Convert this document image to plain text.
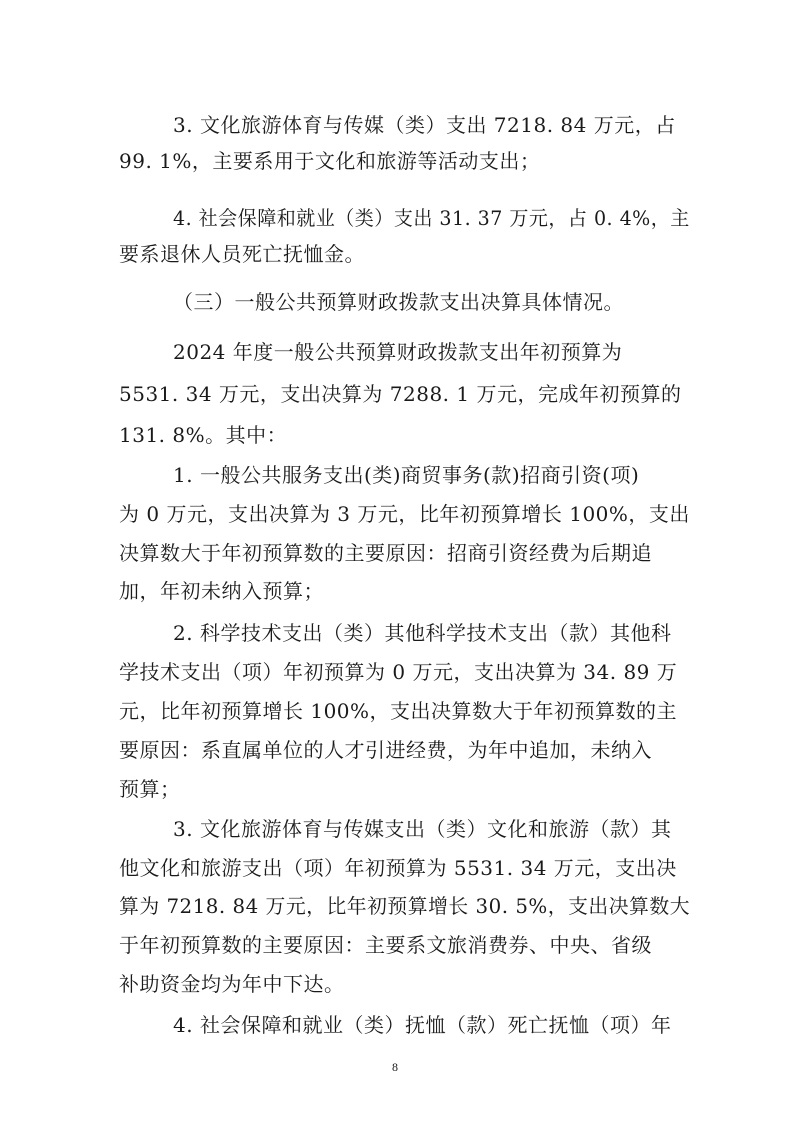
3. 文化旅游体育与传媒（类）支出 7218. 84 万元，占
99. 1%，主要系用于文化和旅游等活动支出；
4. 社会保障和就业（类）支出 31. 37 万元，占 0. 4%，主
要系退休人员死亡抚恤金。
（三）一般公共预算财政拨款支出决算具体情况。
2024 年度一般公共预算财政拨款支出年初预算为
5531. 34 万元，支出决算为 7288. 1 万元，完成年初预算的
131. 8%。其中：
1. 一般公共服务支出(类)商贸事务(款)招商引资(项)
为 0 万元，支出决算为 3 万元，比年初预算增长 100%，支出
决算数大于年初预算数的主要原因：招商引资经费为后期追
加，年初未纳入预算；
2. 科学技术支出（类）其他科学技术支出（款）其他科
学技术支出（项）年初预算为 0 万元，支出决算为 34. 89 万
元，比年初预算增长 100%，支出决算数大于年初预算数的主
要原因：系直属单位的人才引进经费，为年中追加，未纳入
预算；
3. 文化旅游体育与传媒支出（类）文化和旅游（款）其
他文化和旅游支出（项）年初预算为 5531. 34 万元，支出决
算为 7218. 84 万元，比年初预算增长 30. 5%，支出决算数大
于年初预算数的主要原因：主要系文旅消费券、中央、省级
补助资金均为年中下达。
4. 社会保障和就业（类）抚恤（款）死亡抚恤（项）年
8
